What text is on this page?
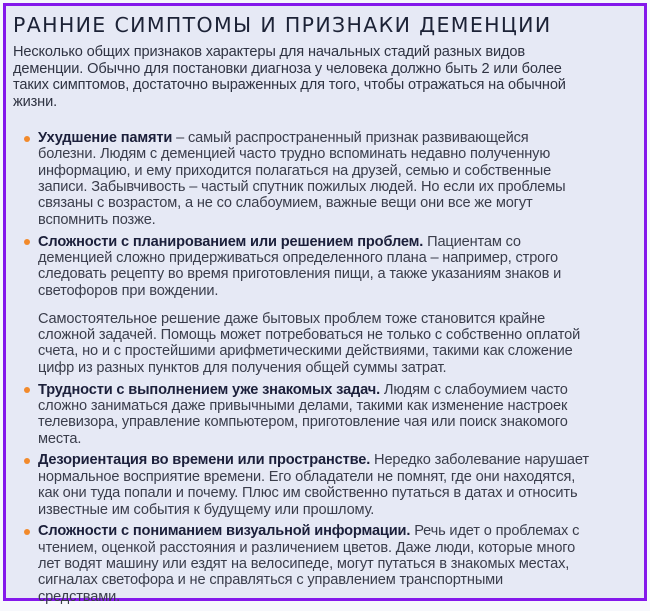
РАННИЕ СИМПТОМЫ И ПРИЗНАКИ ДЕМЕНЦИИ

Несколько общих признаков характеры для начальных стадий разных видов
деменции. Обычно для постановки диагноза у человека должно быть 2 или более
таких симптомов, достаточно выраженных для того, чтобы отражаться на обычной
жизни.

Ухудшение памяти – самый распространенный признак развивающейся
болезни. Людям с деменцией часто трудно вспоминать недавно полученную
информацию, и ему приходится полагаться на друзей, семью и собственные
записи. Забывчивость – частый спутник пожилых людей. Но если их проблемы
связаны с возрастом, а не со слабоумием, важные вещи они все же могут
вспомнить позже.
Сложности с планированием или решением проблем. Пациентам со
деменцией сложно придерживаться определенного плана – например, строго
следовать рецепту во время приготовления пищи, а также указаниям знаков и
светофоров при вождении.
Самостоятельное решение даже бытовых проблем тоже становится крайне
сложной задачей. Помощь может потребоваться не только с собственно оплатой
счета, но и с простейшими арифметическими действиями, такими как сложение
цифр из разных пунктов для получения общей суммы затрат.
Трудности с выполнением уже знакомых задач. Людям с слабоумием часто
сложно заниматься даже привычными делами, такими как изменение настроек
телевизора, управление компьютером, приготовление чая или поиск знакомого
места.
Дезориентация во времени или пространстве. Нередко заболевание нарушает
нормальное восприятие времени. Его обладатели не помнят, где они находятся,
как они туда попали и почему. Плюс им свойственно путаться в датах и относить
известные им события к будущему или прошлому.
Сложности с пониманием визуальной информации. Речь идет о проблемах с
чтением, оценкой расстояния и различением цветов. Даже люди, которые много
лет водят машину или ездят на велосипеде, могут путаться в знакомых местах,
сигналах светофора и не справляться с управлением транспортными
средствами.
